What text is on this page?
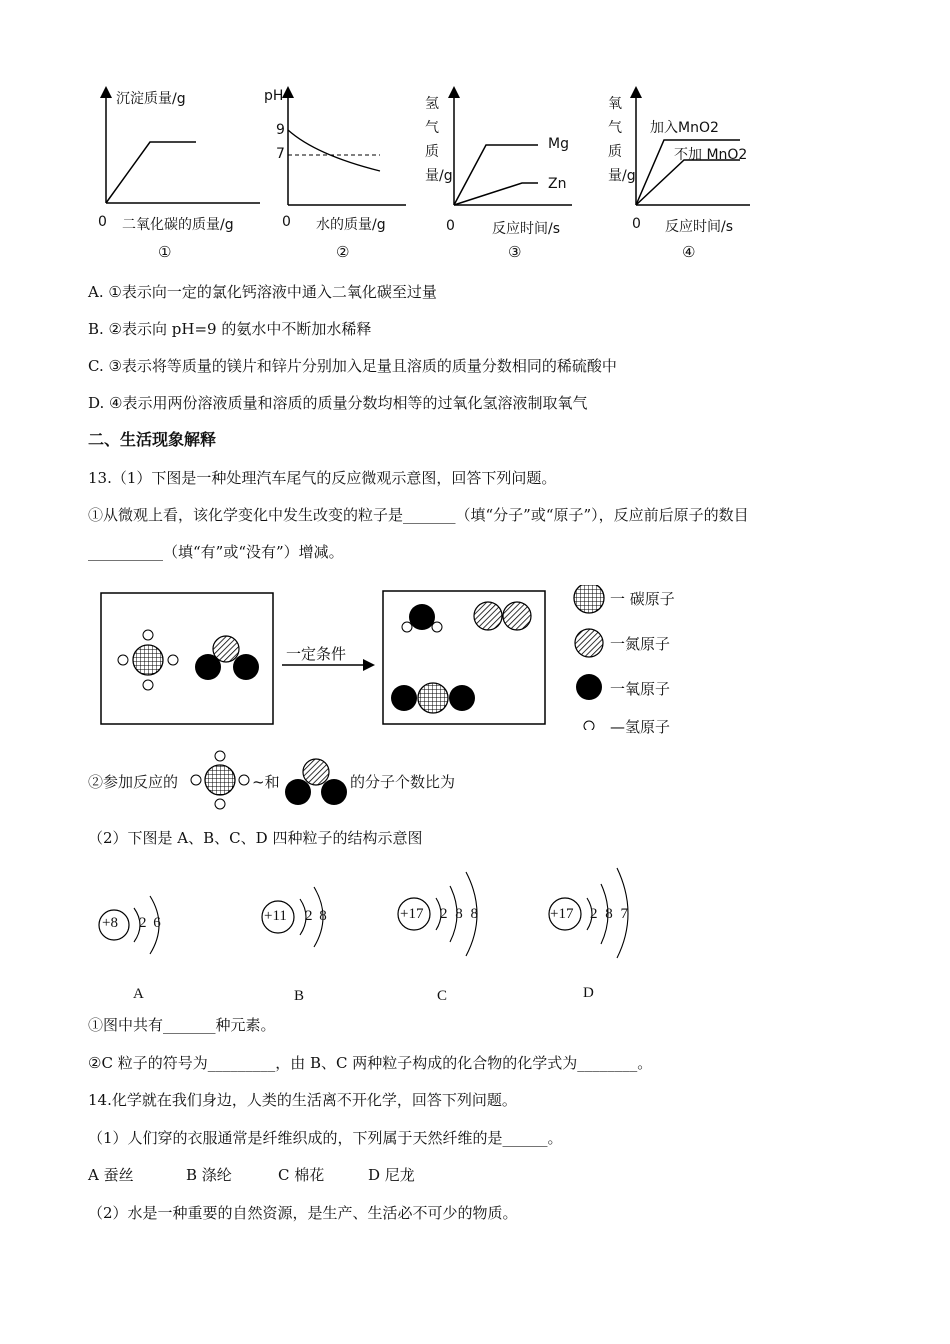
沉淀质量/g
0 二氧化碳的质量/g
①
pH
9
7
0 水的质量/g
②
氢气质量/g
Mg
Zn
0	反应时间/s
③
氧气质量/g
加入MnO2
不加 MnO2
0 反应时间/s
④
A. ①表示向一定的氯化钙溶液中通入二氧化碳至过量
B. ②表示向 pH=9 的氨水中不断加水稀释
C. ③表示将等质量的镁片和锌片分别加入足量且溶质的质量分数相同的稀硫酸中
D. ④表示用两份溶液质量和溶质的质量分数均相等的过氧化氢溶液制取氧气
二、生活现象解释
13.（1）下图是一种处理汽车尾气的反应微观示意图，回答下列问题。
①从微观上看，该化学变化中发生改变的粒子是_______（填“分子”或“原子”），反应前后原子的数目
__________（填“有”或“没有”）增减。
一定条件
一 碳原子
一氮原子
一氧原子
—氢原子
②参加反应的	~和	的分子个数比为
（2）下图是 A、B、C、D 四种粒子的结构示意图
+8 2 6
A
+11 2 8
B
+17 2 8 8
C
+17 2 8 7
D
①图中共有_______种元素。
②C 粒子的符号为_________，由 B、C 两种粒子构成的化合物的化学式为________。
14.化学就在我们身边，人类的生活离不开化学，回答下列问题。
（1）人们穿的衣服通常是纤维织成的，下列属于天然纤维的是______。
A 蚕丝	B 涤纶	C 棉花	D 尼龙
（2）水是一种重要的自然资源，是生产、生活必不可少的物质。
